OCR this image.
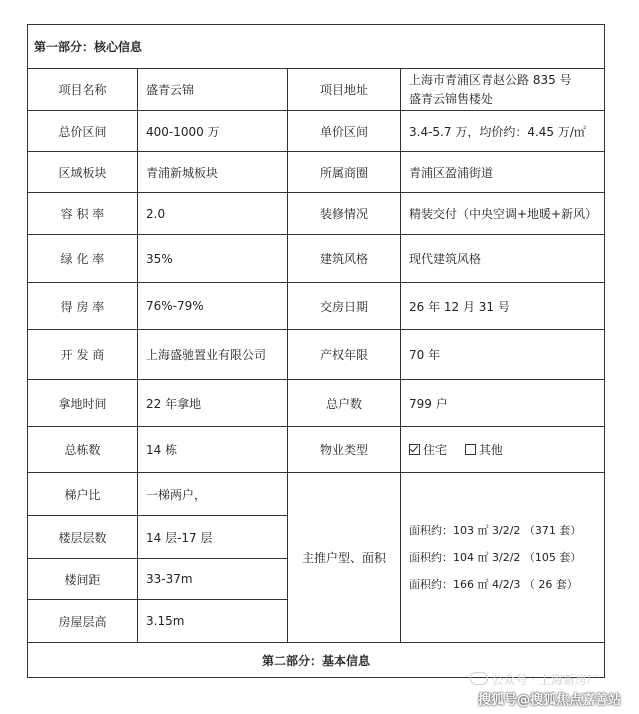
第一部分：核心信息			
项目名称	盛青云锦	项目地址	上海市青浦区青赵公路 835 号
盛青云锦售楼处

总价区间	400-1000 万	单价区间	3.4-5.7 万，均价约：4.45 万/㎡
区域板块	青浦新城板块	所属商圈	青浦区盈浦街道
容 积 率	2.0	装修情况	精装交付（中央空调+地暖+新风）
绿 化 率	35%	建筑风格	现代建筑风格
得 房 率	76%-79%	交房日期	26 年 12 月 31 号
开 发 商	上海盛驰置业有限公司	产权年限	70 年
拿地时间	22 年拿地	总户数	799 户
总栋数	14 栋	物业类型	住宅 其他
梯户比	一梯两户，	主推户型、面积	面积约：103 ㎡ 3/2/2 （371 套）
面积约：104 ㎡ 3/2/2 （105 套）
面积约：166 ㎡ 4/2/3 （ 26 套）

楼层层数	14 层-17 层		
楼间距	33-37m		
房屋层高	3.15m		
第二部分：基本信息			
公众号 · 上海新房厂
搜狐号@搜狐焦点嘉善站
